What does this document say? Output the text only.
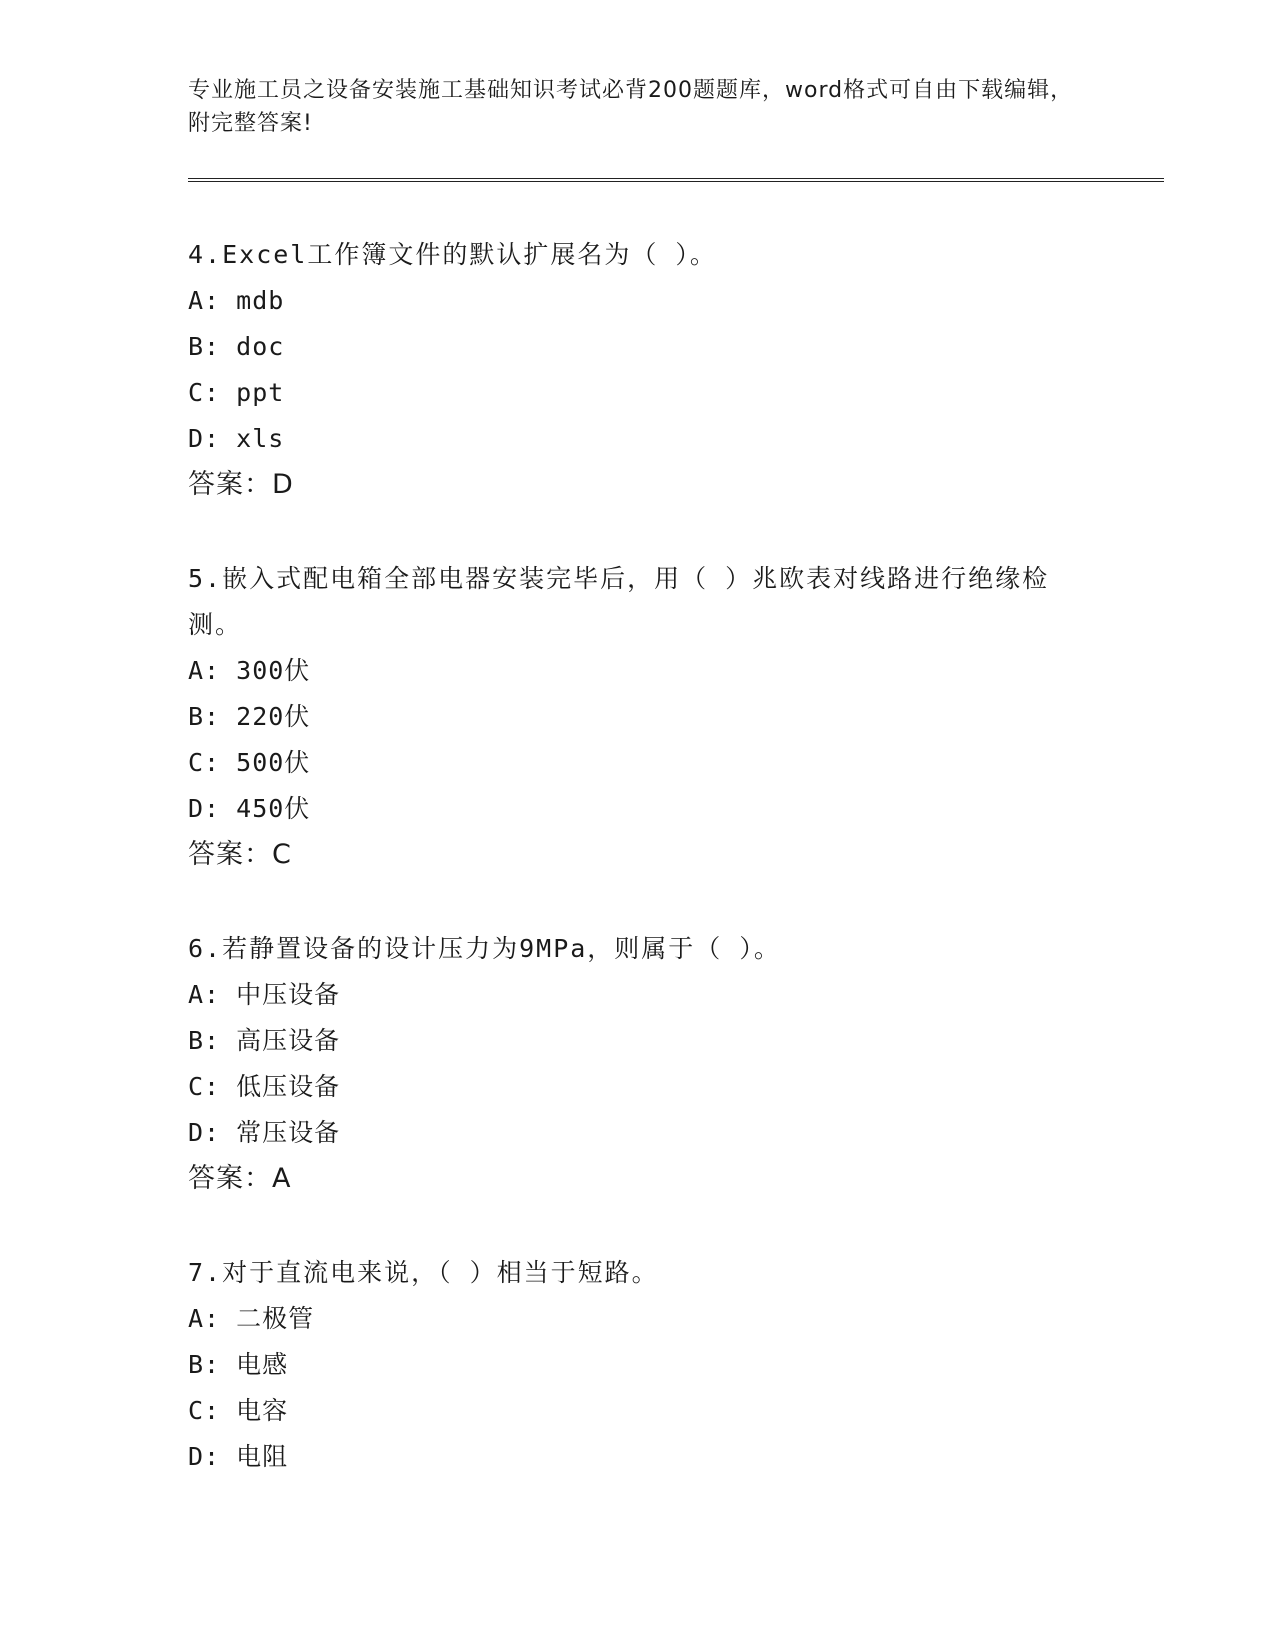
专业施工员之设备安装施工基础知识考试必背200题题库，word格式可自由下载编辑，附完整答案!
4.Excel工作簿文件的默认扩展名为（ ）。
A: mdb
B: doc
C: ppt
D: xls
答案：D
5.嵌入式配电箱全部电器安装完毕后，用（ ）兆欧表对线路进行绝缘检测。
A: 300伏
B: 220伏
C: 500伏
D: 450伏
答案：C
6.若静置设备的设计压力为9MPa，则属于（ ）。
A: 中压设备
B: 高压设备
C: 低压设备
D: 常压设备
答案：A
7.对于直流电来说，（ ）相当于短路。
A: 二极管
B: 电感
C: 电容
D: 电阻
